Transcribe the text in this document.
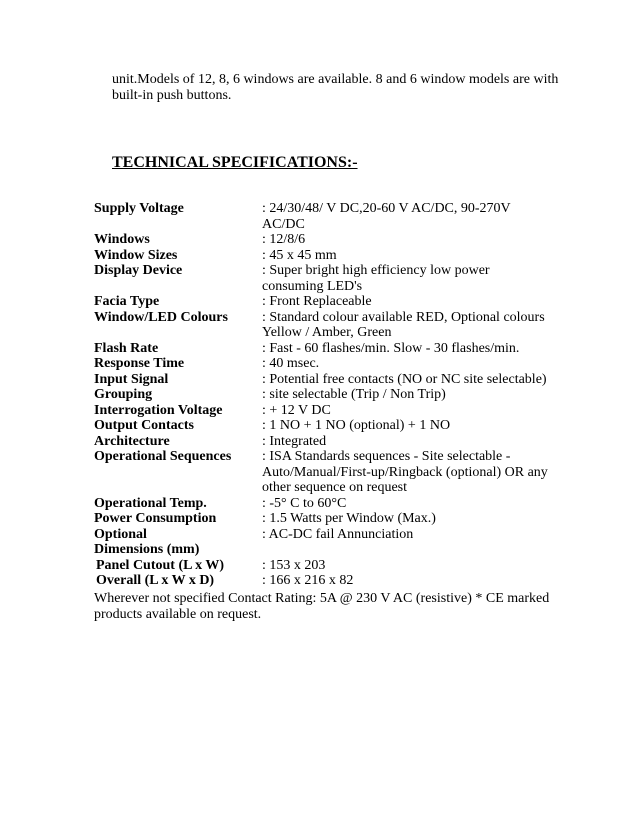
unit.Models of 12, 8, 6 windows are available. 8 and 6 window models are with built-in push buttons.

TECHNICAL SPECIFICATIONS:-
Supply Voltage	: 24/30/48/ V DC,20-60 V AC/DC, 90-270V AC/DC
Windows	: 12/8/6
Window Sizes	: 45 x 45 mm
Display Device	: Super bright high efficiency low power consuming LED's
Facia Type	: Front Replaceable
Window/LED Colours	: Standard colour available RED, Optional colours Yellow / Amber, Green
Flash Rate	: Fast - 60 flashes/min. Slow - 30 flashes/min.
Response Time	: 40 msec.
Input Signal	: Potential free contacts (NO or NC site selectable)
Grouping	: site selectable (Trip / Non Trip)
Interrogation Voltage	: + 12 V DC
Output Contacts	: 1 NO + 1 NO (optional) + 1 NO
Architecture	: Integrated
Operational Sequences	: ISA Standards sequences - Site selectable - Auto/Manual/First-up/Ringback (optional) OR any other sequence on request
Operational Temp.	: -5° C to 60°C
Power Consumption	: 1.5 Watts per Window (Max.)
Optional	: AC-DC fail Annunciation
Dimensions (mm)
Panel Cutout (L x W)	: 153 x 203
Overall (L x W x D)	: 166 x 216 x 82

Wherever not specified Contact Rating: 5A @ 230 V AC (resistive) * CE marked products available on request.
